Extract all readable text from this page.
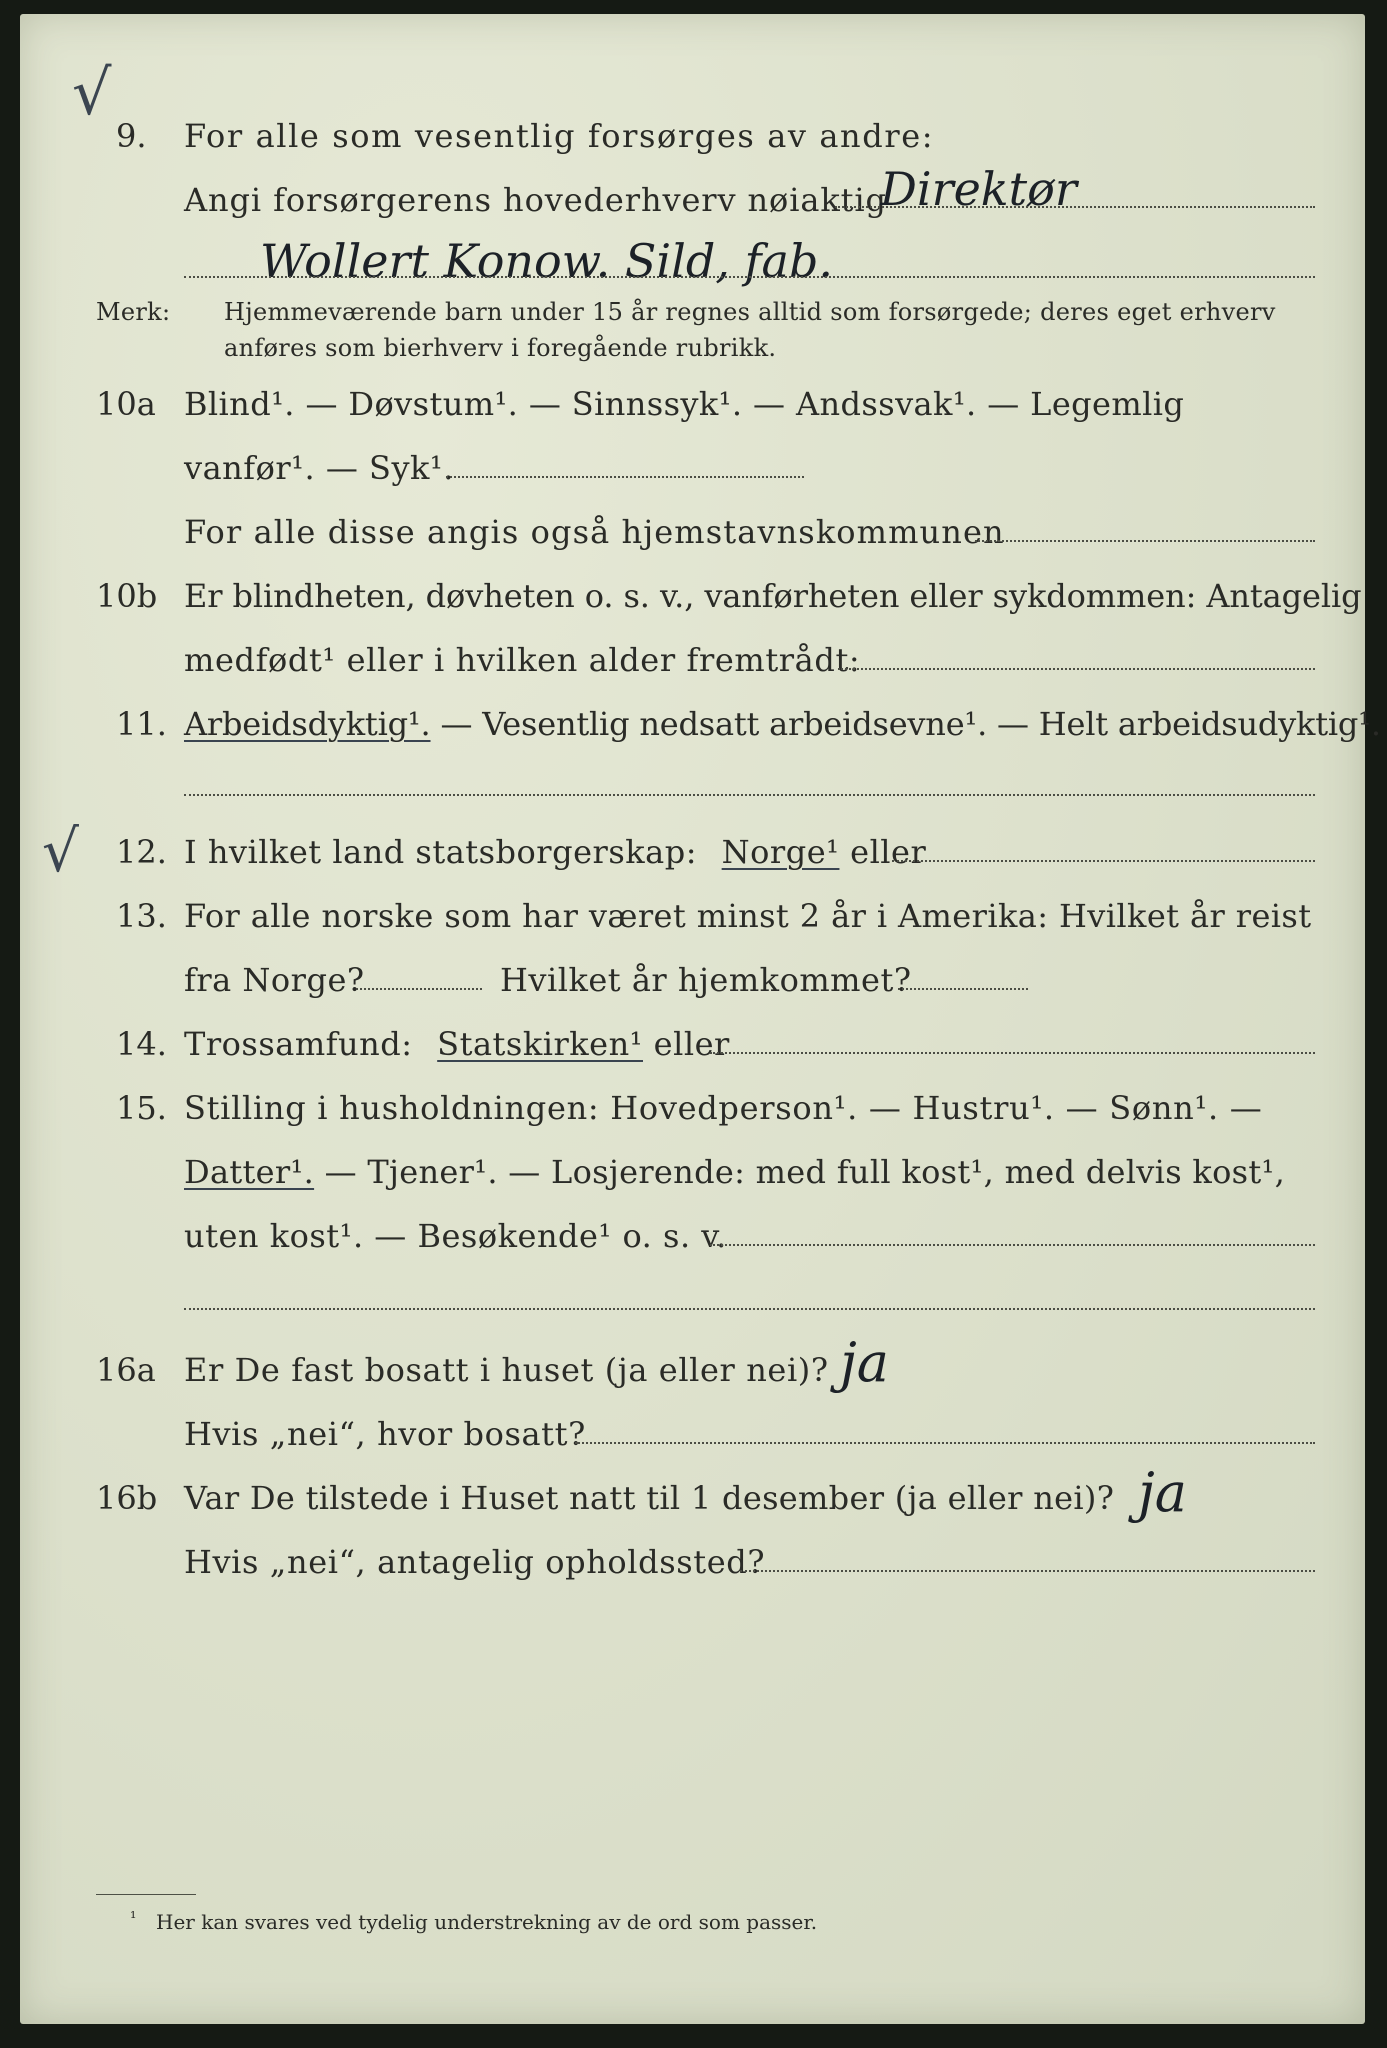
√
9. For alle som vesentlig forsørges av andre:
Angi forsørgerens hovederhverv nøiaktig
Direktør
Wollert Konow. Sild, fab.
Merk: Hjemmeværende barn under 15 år regnes alltid som forsørgede; deres eget erhverv
anføres som bierhverv i foregående rubrikk.
10a Blind¹. — Døvstum¹. — Sinnssyk¹. — Andssvak¹. — Legemlig
vanfør¹. — Syk¹.
For alle disse angis også hjemstavnskommunen
10b Er blindheten, døvheten o. s. v., vanførheten eller sykdommen: Antagelig
medfødt¹ eller i hvilken alder fremtrådt:
11. Arbeidsdyktig¹. — Vesentlig nedsatt arbeidsevne¹. — Helt arbeidsudyktig¹.
√ 12. I hvilket land statsborgerskap: Norge¹ eller
13. For alle norske som har været minst 2 år i Amerika: Hvilket år reist
fra Norge?	Hvilket år hjemkommet?
14. Trossamfund: Statskirken¹ eller
15. Stilling i husholdningen: Hovedperson¹. — Hustru¹. — Sønn¹. —
Datter¹. — Tjener¹. — Losjerende: med full kost¹, med delvis kost¹,
uten kost¹. — Besøkende¹ o. s. v.
16a Er De fast bosatt i huset (ja eller nei)? ja
Hvis „nei“, hvor bosatt?
16b Var De tilstede i Huset natt til 1 desember (ja eller nei)? ja
Hvis „nei“, antagelig opholdssted?
¹ Her kan svares ved tydelig understrekning av de ord som passer.
